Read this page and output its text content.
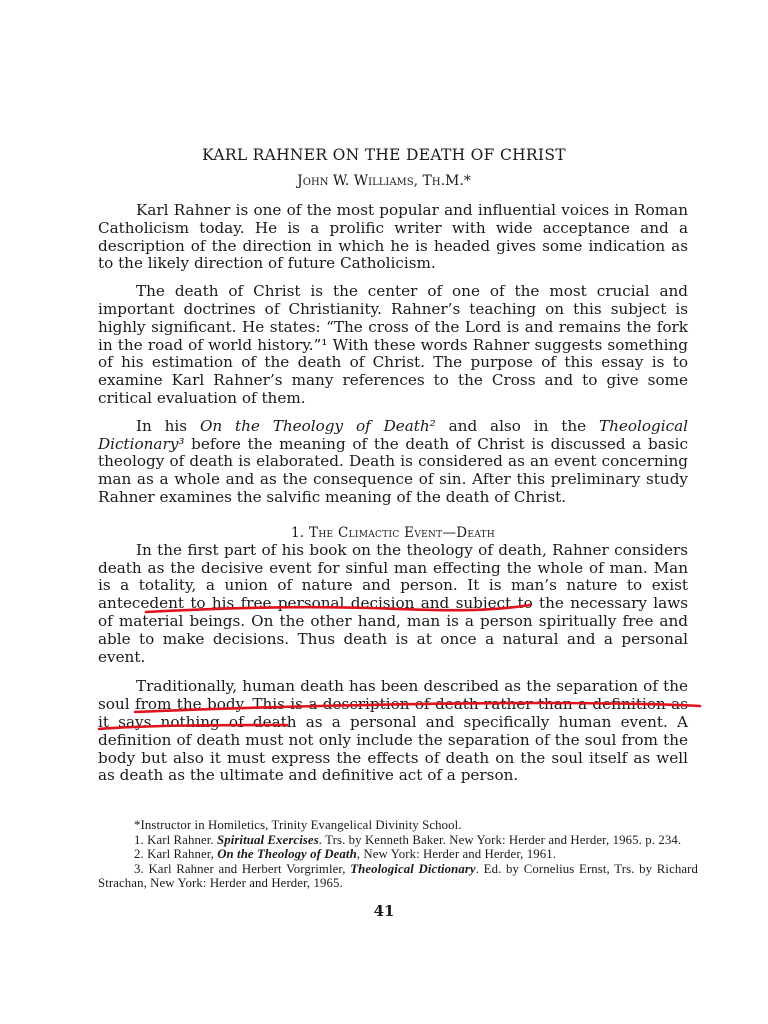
KARL RAHNER ON THE DEATH OF CHRIST

John W. Williams, Th.M.*

Karl Rahner is one of the most popular and influential voices in Roman Catholicism today. He is a prolific writer with wide acceptance and a description of the direction in which he is headed gives some indication as to the likely direction of future Catholicism.

The death of Christ is the center of one of the most crucial and important doctrines of Christianity. Rahner’s teaching on this subject is highly significant. He states: “The cross of the Lord is and remains the fork in the road of world history.”¹ With these words Rahner suggests something of his estimation of the death of Christ. The purpose of this essay is to examine Karl Rahner’s many references to the Cross and to give some critical evaluation of them.

In his On the Theology of Death² and also in the Theological Dictionary³ before the meaning of the death of Christ is discussed a basic theology of death is elaborated. Death is considered as an event concerning man as a whole and as the consequence of sin. After this preliminary study Rahner examines the salvific meaning of the death of Christ.

1. The Climactic Event—Death

In the first part of his book on the theology of death, Rahner considers death as the decisive event for sinful man effecting the whole of man. Man is a totality, a union of nature and person. It is man’s nature to exist antecedent to his free personal decision and subject to the necessary laws of material beings. On the other hand, man is a person spiritually free and able to make decisions. Thus death is at once a natural and a personal event.

Traditionally, human death has been described as the separation of the soul from the body. This is a description of death rather than a definition as it says nothing of death as a personal and specifically human event. A definition of death must not only include the separation of the soul from the body but also it must express the effects of death on the soul itself as well as death as the ultimate and definitive act of a person.

*Instructor in Homiletics, Trinity Evangelical Divinity School.

1. Karl Rahner. Spiritual Exercises. Trs. by Kenneth Baker. New York: Herder and Herder, 1965. p. 234.

2. Karl Rahner, On the Theology of Death, New York: Herder and Herder, 1961.

3. Karl Rahner and Herbert Vorgrimler, Theological Dictionary. Ed. by Cornelius Ernst, Trs. by Richard Strachan, New York: Herder and Herder, 1965.

41
